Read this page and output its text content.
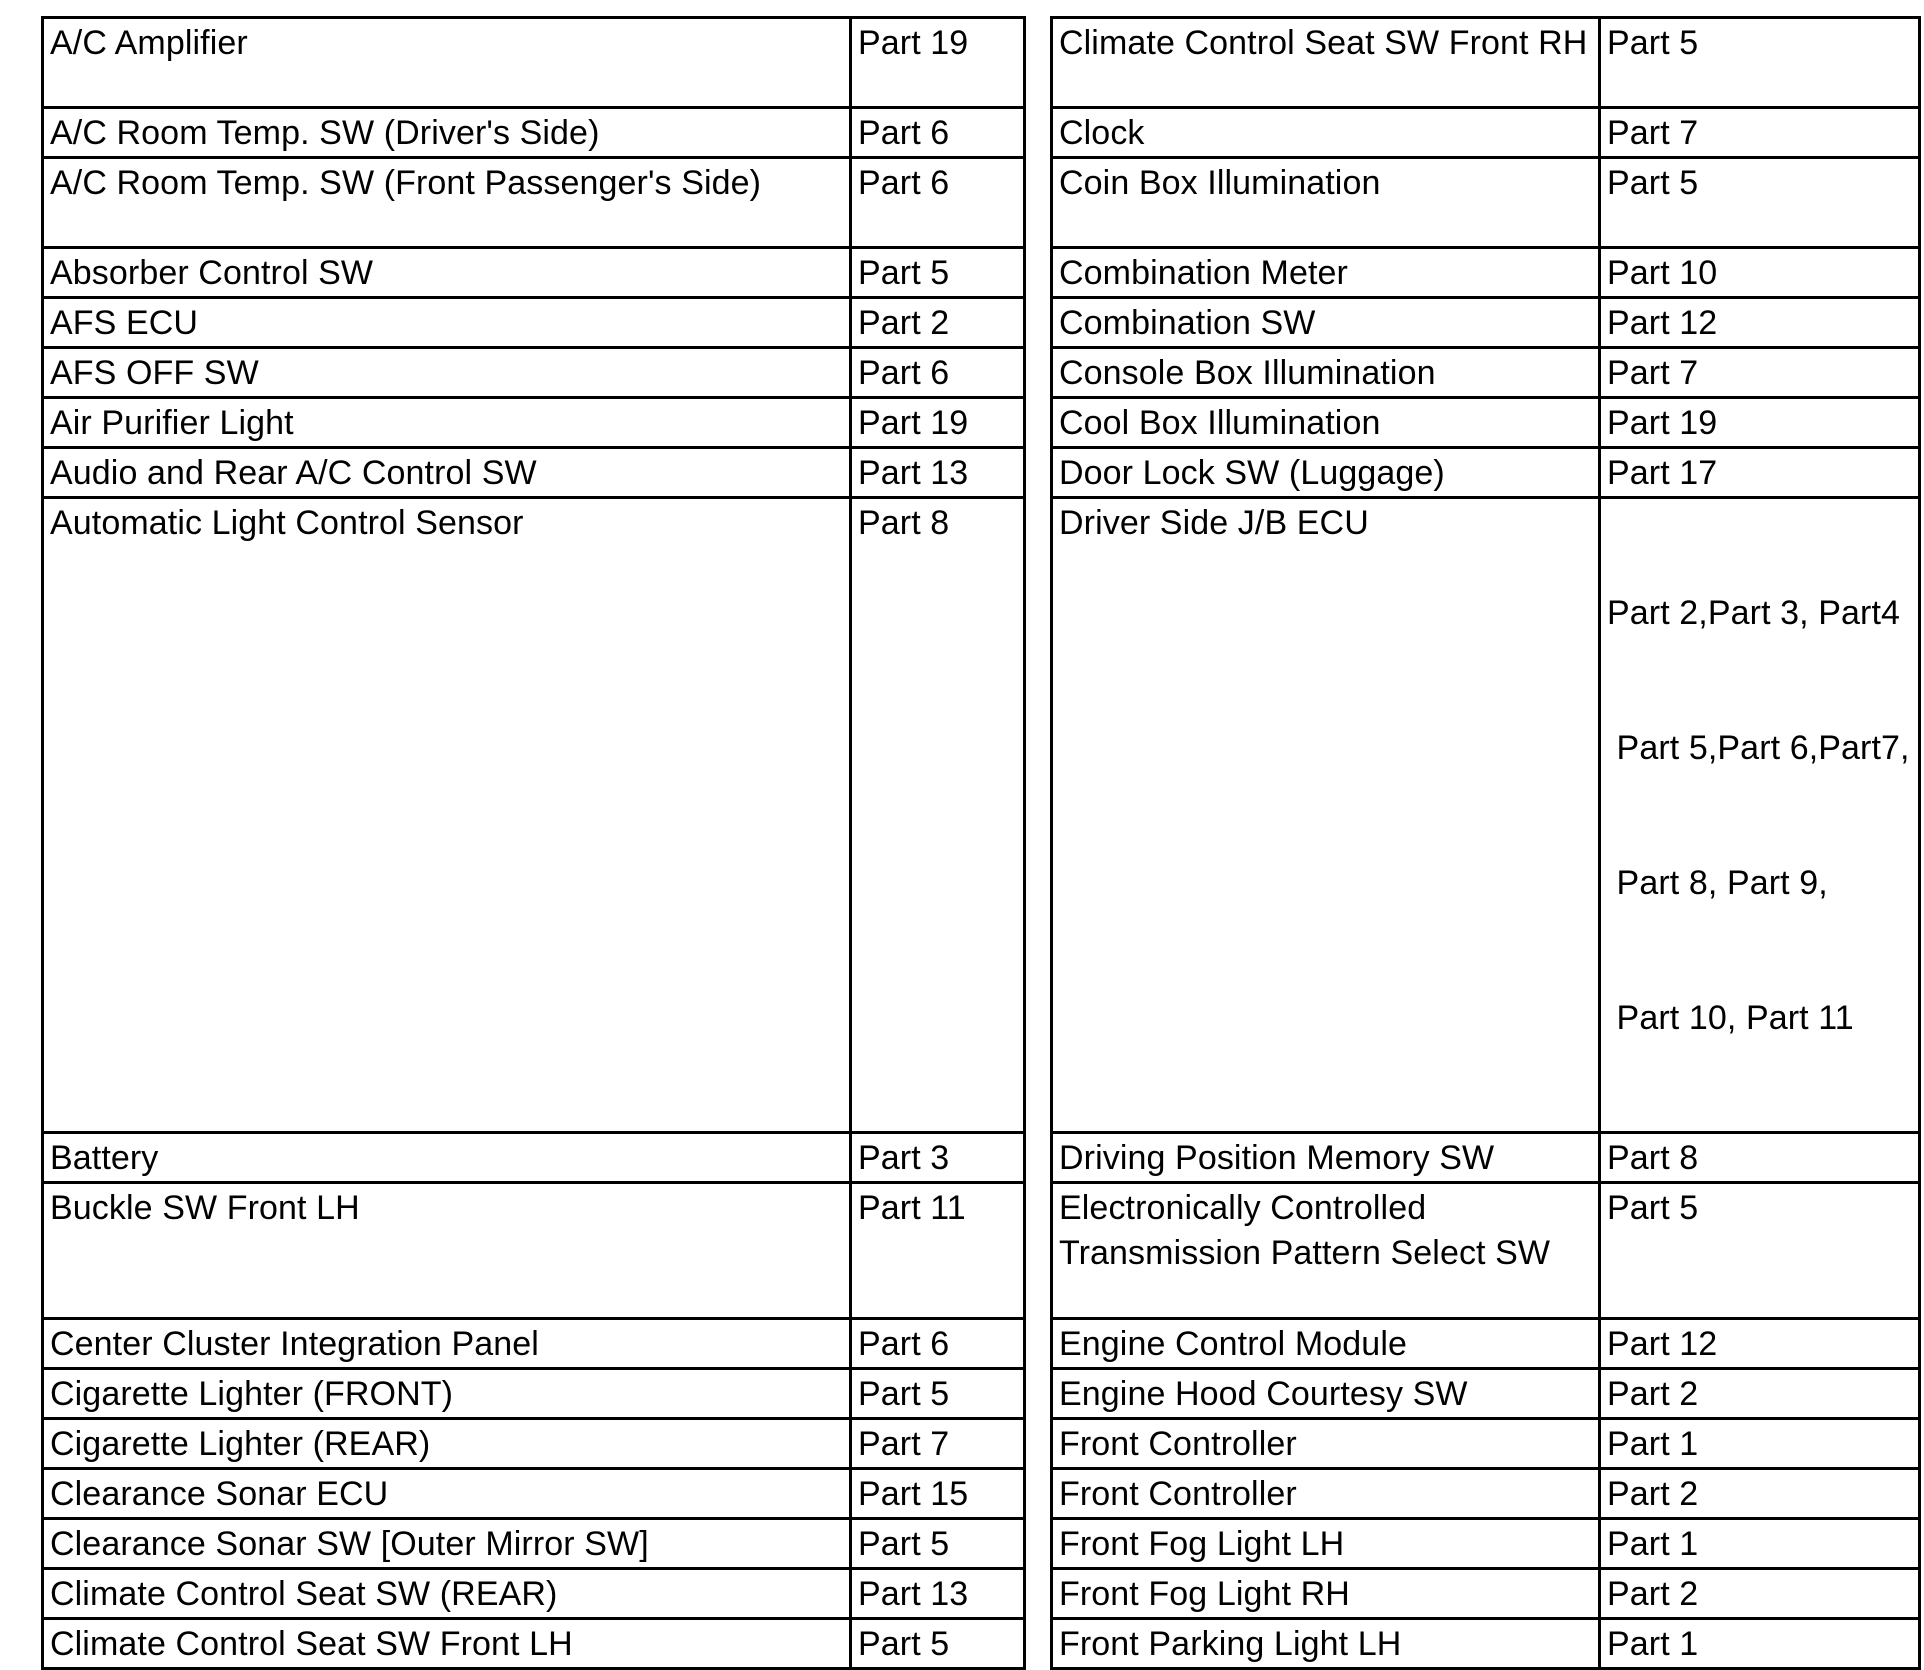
A/C Amplifier	Part 19		Climate Control Seat SW Front RH	Part 5
A/C Room Temp. SW (Driver's Side)	Part 6		Clock	Part 7
A/C Room Temp. SW (Front Passenger's Side)	Part 6		Coin Box Illumination	Part 5
Absorber Control SW	Part 5		Combination Meter	Part 10
AFS ECU	Part 2		Combination SW	Part 12
AFS OFF SW	Part 6		Console Box Illumination	Part 7
Air Purifier Light	Part 19		Cool Box Illumination	Part 19
Audio and Rear A/C Control SW	Part 13		Door Lock SW (Luggage)	Part 17
Automatic Light Control Sensor	Part 8		Driver Side J/B ECU	Part 2,Part 3, Part4

Part 5,Part 6,Part7,

Part 8, Part 9,

Part 10, Part 11

Battery	Part 3		Driving Position Memory SW	Part 8
Buckle SW Front LH	Part 11		Electronically Controlled Transmission Pattern Select SW	Part 5
Center Cluster Integration Panel	Part 6		Engine Control Module	Part 12
Cigarette Lighter (FRONT)	Part 5		Engine Hood Courtesy SW	Part 2
Cigarette Lighter (REAR)	Part 7		Front Controller	Part 1
Clearance Sonar ECU	Part 15		Front Controller	Part 2
Clearance Sonar SW [Outer Mirror SW]	Part 5		Front Fog Light LH	Part 1
Climate Control Seat SW (REAR)	Part 13		Front Fog Light RH	Part 2
Climate Control Seat SW Front LH	Part 5		Front Parking Light LH	Part 1
